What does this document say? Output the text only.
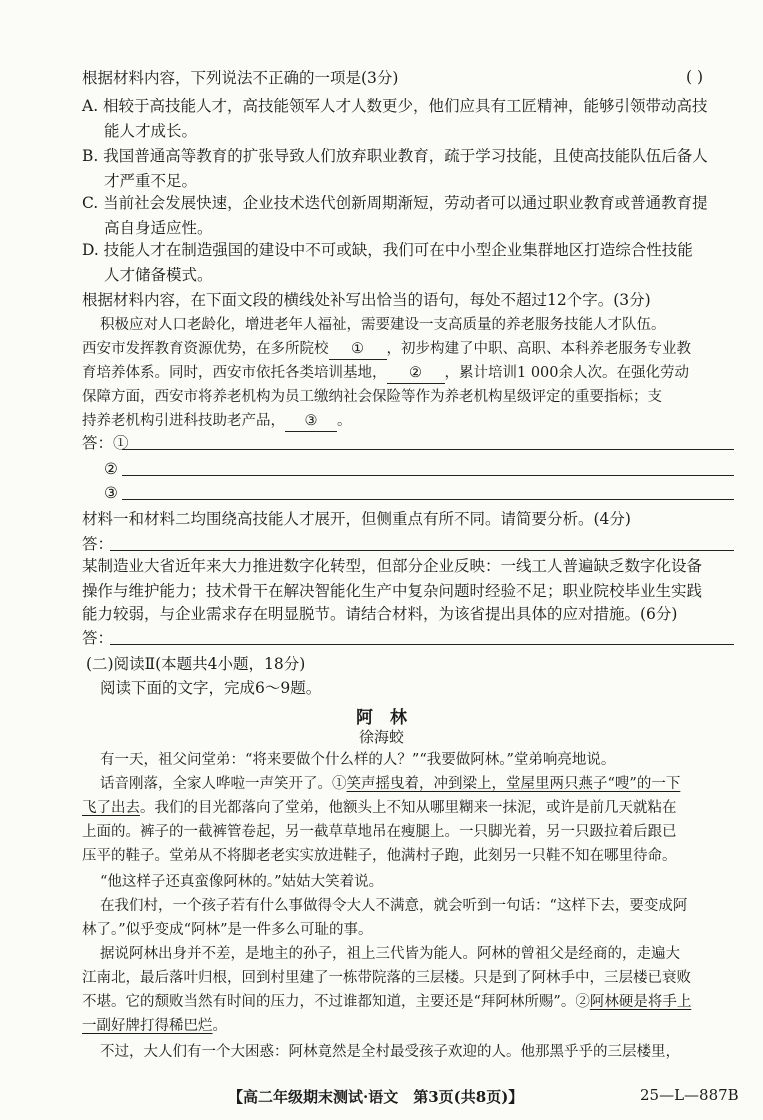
根据材料内容，下列说法不正确的一项是(3分)	( )
A. 相较于高技能人才，高技能领军人才人数更少，他们应具有工匠精神，能够引领带动高技
能人才成长。
B. 我国普通高等教育的扩张导致人们放弃职业教育，疏于学习技能，且使高技能队伍后备人
才严重不足。
C. 当前社会发展快速，企业技术迭代创新周期渐短，劳动者可以通过职业教育或普通教育提
高自身适应性。
D. 技能人才在制造强国的建设中不可或缺，我们可在中小型企业集群地区打造综合性技能
人才储备模式。
根据材料内容，在下面文段的横线处补写出恰当的语句，每处不超过12个字。(3分)
积极应对人口老龄化，增进老年人福祉，需要建设一支高质量的养老服务技能人才队伍。
西安市发挥教育资源优势，在多所院校 ① ，初步构建了中职、高职、本科养老服务专业教
育培养体系。同时，西安市依托各类培训基地， ② ，累计培训1 000余人次。在强化劳动
保障方面，西安市将养老机构为员工缴纳社会保险等作为养老机构星级评定的重要指标；支
持养老机构引进科技助老产品， ③ 。
答：①
②
③
材料一和材料二均围绕高技能人才展开，但侧重点有所不同。请简要分析。(4分)
答：
某制造业大省近年来大力推进数字化转型，但部分企业反映：一线工人普遍缺乏数字化设备
操作与维护能力；技术骨干在解决智能化生产中复杂问题时经验不足；职业院校毕业生实践
能力较弱，与企业需求存在明显脱节。请结合材料，为该省提出具体的应对措施。(6分)
答：
(二)阅读Ⅱ(本题共4小题，18分)
阅读下面的文字，完成6～9题。
阿　林
徐海蛟
有一天，祖父问堂弟：“将来要做个什么样的人？”“我要做阿林。”堂弟响亮地说。
话音刚落，全家人哗啦一声笑开了。①笑声摇曳着，冲到梁上，堂屋里两只燕子“嗖”的一下
飞了出去。我们的目光都落向了堂弟，他额头上不知从哪里糊来一抹泥，或许是前几天就粘在
上面的。裤子的一截裤管卷起，另一截草草地吊在瘦腿上。一只脚光着，另一只趿拉着后跟已
压平的鞋子。堂弟从不将脚老老实实放进鞋子，他满村子跑，此刻另一只鞋不知在哪里待命。
“他这样子还真蛮像阿林的。”姑姑大笑着说。
在我们村，一个孩子若有什么事做得令大人不满意，就会听到一句话：“这样下去，要变成阿
林了。”似乎变成“阿林”是一件多么可耻的事。
据说阿林出身并不差，是地主的孙子，祖上三代皆为能人。阿林的曾祖父是经商的，走遍大
江南北，最后落叶归根，回到村里建了一栋带院落的三层楼。只是到了阿林手中，三层楼已衰败
不堪。它的颓败当然有时间的压力，不过谁都知道，主要还是“拜阿林所赐”。②阿林硬是将手上
一副好牌打得稀巴烂。
不过，大人们有一个大困惑：阿林竟然是全村最受孩子欢迎的人。他那黑乎乎的三层楼里，
【高二年级期末测试·语文　第3页(共8页)】	25—L—887B
